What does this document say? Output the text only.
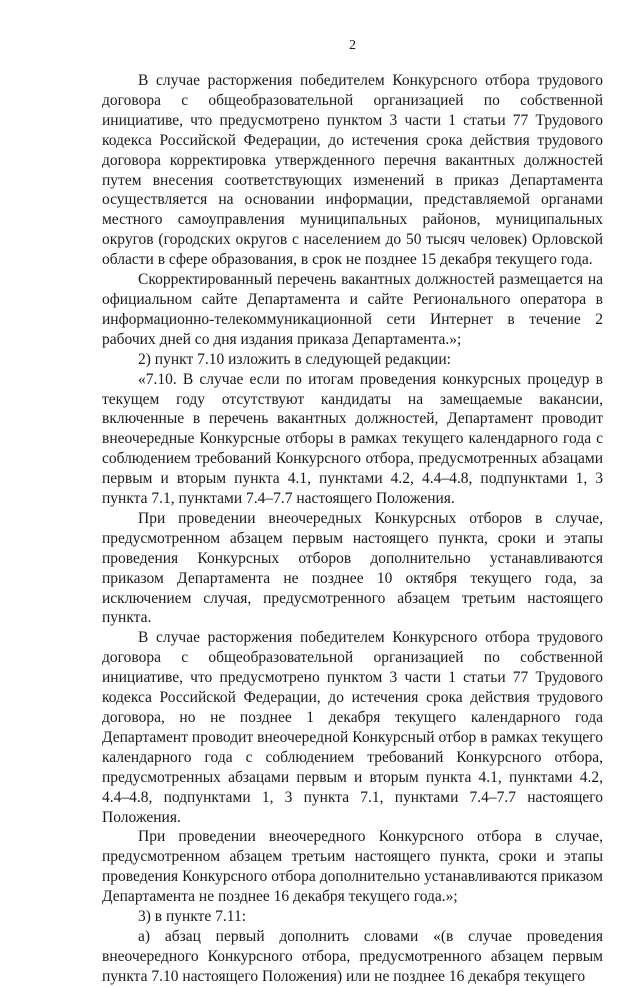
2

В случае расторжения победителем Конкурсного отбора трудового договора с общеобразовательной организацией по собственной инициативе, что предусмотрено пунктом 3 части 1 статьи 77 Трудового кодекса Российской Федерации, до истечения срока действия трудового договора корректировка утвержденного перечня вакантных должностей путем внесения соответствующих изменений в приказ Департамента осуществляется на основании информации, представляемой органами местного самоуправления муниципальных районов, муниципальных округов (городских округов с населением до 50 тысяч человек) Орловской области в сфере образования, в срок не позднее 15 декабря текущего года.

Скорректированный перечень вакантных должностей размещается на официальном сайте Департамента и сайте Регионального оператора в информационно-телекоммуникационной сети Интернет в течение 2 рабочих дней со дня издания приказа Департамента.»;

2) пункт 7.10 изложить в следующей редакции:

«7.10. В случае если по итогам проведения конкурсных процедур в текущем году отсутствуют кандидаты на замещаемые вакансии, включенные в перечень вакантных должностей, Департамент проводит внеочередные Конкурсные отборы в рамках текущего календарного года с соблюдением требований Конкурсного отбора, предусмотренных абзацами первым и вторым пункта 4.1, пунктами 4.2, 4.4–4.8, подпунктами 1, 3 пункта 7.1, пунктами 7.4–7.7 настоящего Положения.

При проведении внеочередных Конкурсных отборов в случае, предусмотренном абзацем первым настоящего пункта, сроки и этапы проведения Конкурсных отборов дополнительно устанавливаются приказом Департамента не позднее 10 октября текущего года, за исключением случая, предусмотренного абзацем третьим настоящего пункта.

В случае расторжения победителем Конкурсного отбора трудового договора с общеобразовательной организацией по собственной инициативе, что предусмотрено пунктом 3 части 1 статьи 77 Трудового кодекса Российской Федерации, до истечения срока действия трудового договора, но не позднее 1 декабря текущего календарного года Департамент проводит внеочередной Конкурсный отбор в рамках текущего календарного года с соблюдением требований Конкурсного отбора, предусмотренных абзацами первым и вторым пункта 4.1, пунктами 4.2, 4.4–4.8, подпунктами 1, 3 пункта 7.1, пунктами 7.4–7.7 настоящего Положения.

При проведении внеочередного Конкурсного отбора в случае, предусмотренном абзацем третьим настоящего пункта, сроки и этапы проведения Конкурсного отбора дополнительно устанавливаются приказом Департамента не позднее 16 декабря текущего года.»;

3) в пункте 7.11:

а) абзац первый дополнить словами «(в случае проведения внеочередного Конкурсного отбора, предусмотренного абзацем первым пункта 7.10 настоящего Положения) или не позднее 16 декабря текущего
